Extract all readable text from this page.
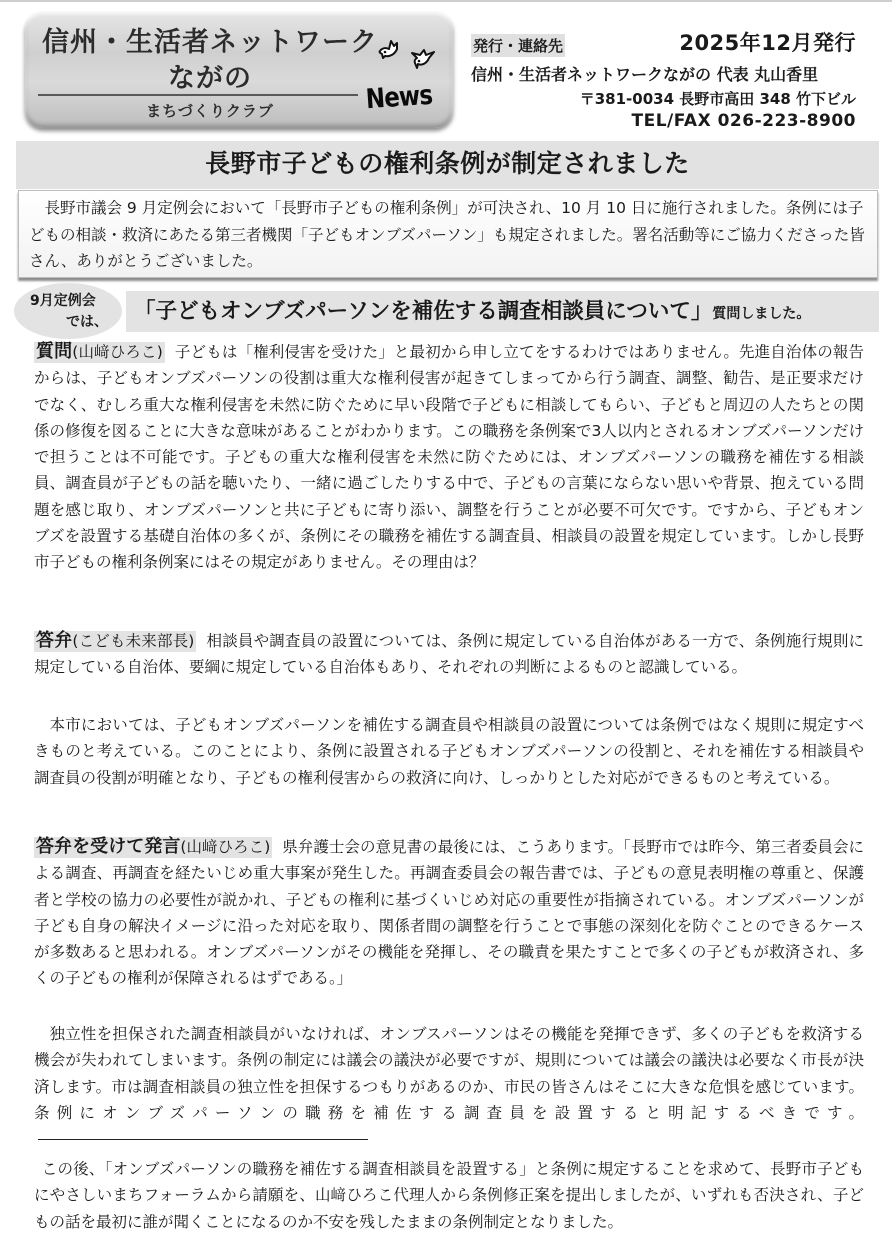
信州・生活者ネットワーク
ながの
まちづくりクラブ	News
発行・連絡先	2025年12月発行
信州・生活者ネットワークながの 代表 丸山香里
〒381-0034 長野市高田 348 竹下ビル
TEL/FAX 026-223-8900
長野市子どもの権利条例が制定されました

長野市議会 9 月定例会において「長野市子どもの権利条例」が可決され、10 月 10 日に施行されました。条例には子どもの相談・救済にあたる第三者機関「子どもオンブズパーソン」も規定されました。署名活動等にご協力くださった皆さん、ありがとうございました。

9月定例会
では、	「子どもオンブズパーソンを補佐する調査相談員について」質問しました。
質問(山﨑ひろこ) 子どもは「権利侵害を受けた」と最初から申し立てをするわけではありません。先進自治体の報告からは、子どもオンブズパーソンの役割は重大な権利侵害が起きてしまってから行う調査、調整、勧告、是正要求だけでなく、むしろ重大な権利侵害を未然に防ぐために早い段階で子どもに相談してもらい、子どもと周辺の人たちとの関係の修復を図ることに大きな意味があることがわかります。この職務を条例案で3人以内とされるオンブズパーソンだけで担うことは不可能です。子どもの重大な権利侵害を未然に防ぐためには、オンブズパーソンの職務を補佐する相談員、調査員が子どもの話を聴いたり、一緒に過ごしたりする中で、子どもの言葉にならない思いや背景、抱えている問題を感じ取り、オンブズパーソンと共に子どもに寄り添い、調整を行うことが必要不可欠です。ですから、子どもオンブズを設置する基礎自治体の多くが、条例にその職務を補佐する調査員、相談員の設置を規定しています。しかし長野市子どもの権利条例案にはその規定がありません。その理由は？
答弁(こども未来部長) 相談員や調査員の設置については、条例に規定している自治体がある一方で、条例施行規則に規定している自治体、要綱に規定している自治体もあり、それぞれの判断によるものと認識している。
本市においては、子どもオンブズパーソンを補佐する調査員や相談員の設置については条例ではなく規則に規定すべきものと考えている。このことにより、条例に設置される子どもオンブズパーソンの役割と、それを補佐する相談員や調査員の役割が明確となり、子どもの権利侵害からの救済に向け、しっかりとした対応ができるものと考えている。
答弁を受けて発言(山﨑ひろこ) 県弁護士会の意見書の最後には、こうあります。「長野市では昨今、第三者委員会による調査、再調査を経たいじめ重大事案が発生した。再調査委員会の報告書では、子どもの意見表明権の尊重と、保護者と学校の協力の必要性が説かれ、子どもの権利に基づくいじめ対応の重要性が指摘されている。オンブズパーソンが子ども自身の解決イメージに沿った対応を取り、関係者間の調整を行うことで事態の深刻化を防ぐことのできるケースが多数あると思われる。オンブズパーソンがその機能を発揮し、その職責を果たすことで多くの子どもが救済され、多くの子どもの権利が保障されるはずである。」
独立性を担保された調査相談員がいなければ、オンブスパーソンはその機能を発揮できず、多くの子どもを救済する機会が失われてしまいます。条例の制定には議会の議決が必要ですが、規則については議会の議決は必要なく市長が決済します。市は調査相談員の独立性を担保するつもりがあるのか、市民の皆さんはそこに大きな危惧を感じています。条例にオンブズパーソンの職務を補佐する調査員を設置すると明記するべきです。
この後、「オンブズパーソンの職務を補佐する調査相談員を設置する」と条例に規定することを求めて、長野市子どもにやさしいまちフォーラムから請願を、山﨑ひろこ代理人から条例修正案を提出しましたが、いずれも否決され、子どもの話を最初に誰が聞くことになるのか不安を残したままの条例制定となりました。
